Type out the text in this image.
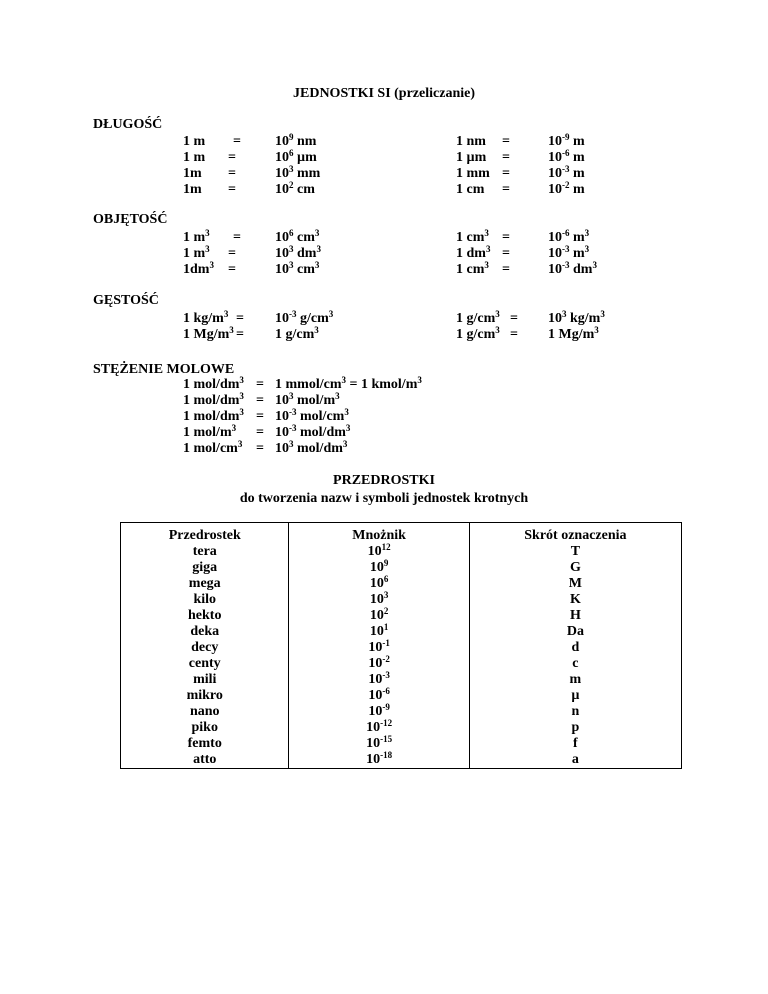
JEDNOSTKI SI (przeliczanie)
DŁUGOŚĆ
1 $m = 10^9$ nm	1 nm =	$10^{-9}$ m
1 m =	$10^6$ µm	1 µm =	$10^{-6}$ m
1m =	$10^3$ mm	1 mm =	$10^{-3}$ m
1m =	$10^2$ cm	1 cm =	$10^{-2}$ m
OBJĘTOŚĆ
1 $m^3 = 10^6$ $cm^3$	1 $cm^3$ =	$10^{-6}$ $m^3$
1 $m^3$ =	$10^3$ $dm^3$	1 $dm^3$ =	$10^{-3}$ $m^3$
$1dm^3$ =	$10^3$ $cm^3$	1 $cm^3$ =	$10^{-3}$ $dm^3$
GĘSTOŚĆ
1 $kg/m^3 = 10^{-3}$ $g/cm^3$	1 $g/cm^3 = 10^3$ $kg/m^3$
1 $Mg/m^3 = 1$ $g/cm^3$	1 $g/cm^3 = 1$ $Mg/m^3$
STĘŻENIE MOLOWE
1 mol/$dm^3 = 1$ mmol/$cm^3 = 1$ kmol/$m^3$
1 mol/$dm^3 = 10^3$ mol/$m^3$
1 mol/$dm^3 = 10^{-3}$ mol/$cm^3$
1 mol/$m^3 = 10^{-3}$ mol/$dm^3$
1 mol/$cm^3 = 10^3$ mol/$dm^3$
PRZEDROSTKI
do tworzenia nazw i symboli jednostek krotnych
Przedrostek	Mnożnik	Skrót oznaczenia
tera	$10^{12}$	T
giga	$10^9$	G
mega	$10^6$	M
kilo	$10^3$	K
hekto	$10^2$	H
deka	$10^1$	Da
decy	$10^{-1}$	d
centy	$10^{-2}$	c
mili	$10^{-3}$	m
mikro	$10^{-6}$	µ
nano	$10^{-9}$	n
piko	$10^{-12}$	p
femto	$10^{-15}$	f
atto	$10^{-18}$	a
